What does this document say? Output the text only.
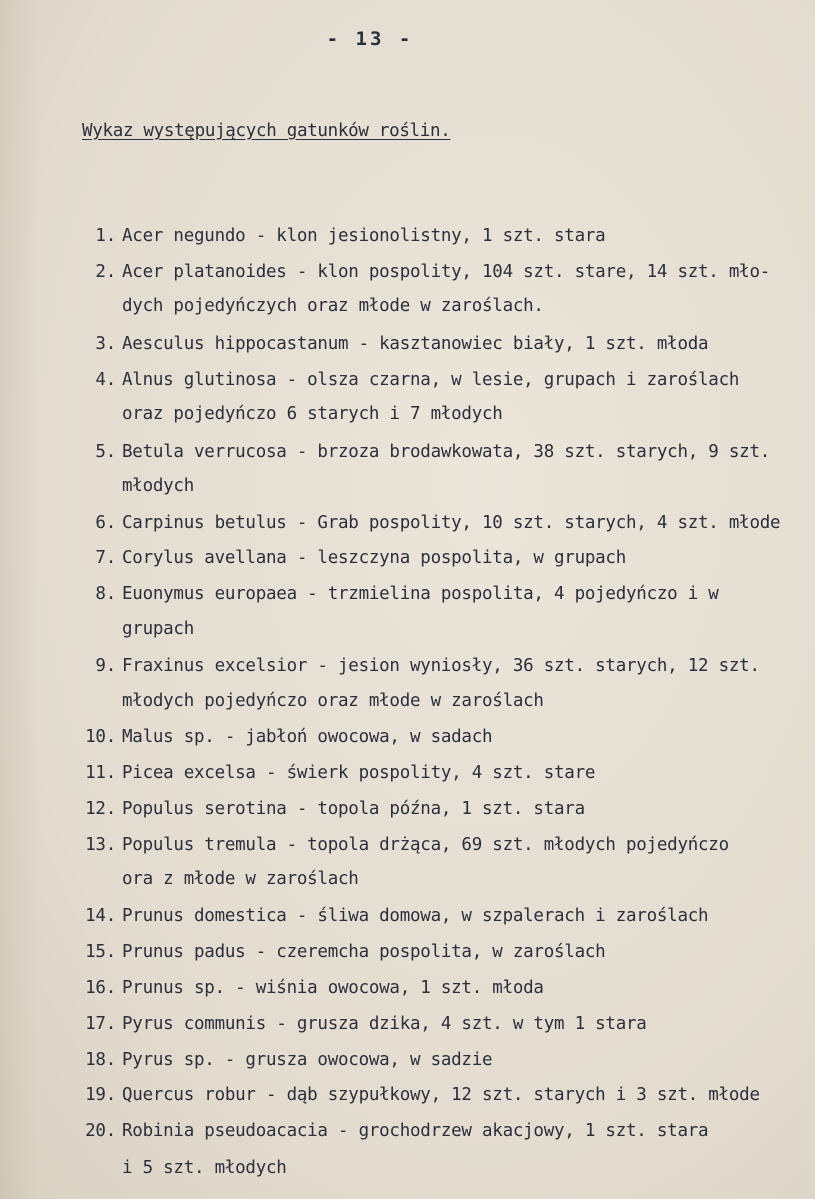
- 13 -
Wykaz występujących gatunków roślin.
1. Acer negundo - klon jesionolistny, 1 szt. stara
2. Acer platanoides - klon pospolity, 104 szt. stare, 14 szt. mło-
dych pojedyńczych oraz młode w zaroślach.
3. Aesculus hippocastanum - kasztanowiec biały, 1 szt. młoda
4. Alnus glutinosa - olsza czarna, w lesie, grupach i zaroślach
oraz pojedyńczo 6 starych i 7 młodych
5. Betula verrucosa - brzoza brodawkowata, 38 szt. starych, 9 szt.
młodych
6. Carpinus betulus - Grab pospolity, 10 szt. starych, 4 szt. młode
7. Corylus avellana - leszczyna pospolita, w grupach
8. Euonymus europaea - trzmielina pospolita, 4 pojedyńczo i w
grupach
9. Fraxinus excelsior - jesion wyniosły, 36 szt. starych, 12 szt.
młodych pojedyńczo oraz młode w zaroślach
10. Malus sp. - jabłoń owocowa, w sadach
11. Picea excelsa - świerk pospolity, 4 szt. stare
12. Populus serotina - topola późna, 1 szt. stara
13. Populus tremula - topola drżąca, 69 szt. młodych pojedyńczo
ora z młode w zaroślach
14. Prunus domestica - śliwa domowa, w szpalerach i zaroślach
15. Prunus padus - czeremcha pospolita, w zaroślach
16. Prunus sp. - wiśnia owocowa, 1 szt. młoda
17. Pyrus communis - grusza dzika, 4 szt. w tym 1 stara
18. Pyrus sp. - grusza owocowa, w sadzie
19. Quercus robur - dąb szypułkowy, 12 szt. starych i 3 szt. młode
20. Robinia pseudoacacia - grochodrzew akacjowy, 1 szt. stara
i 5 szt. młodych
